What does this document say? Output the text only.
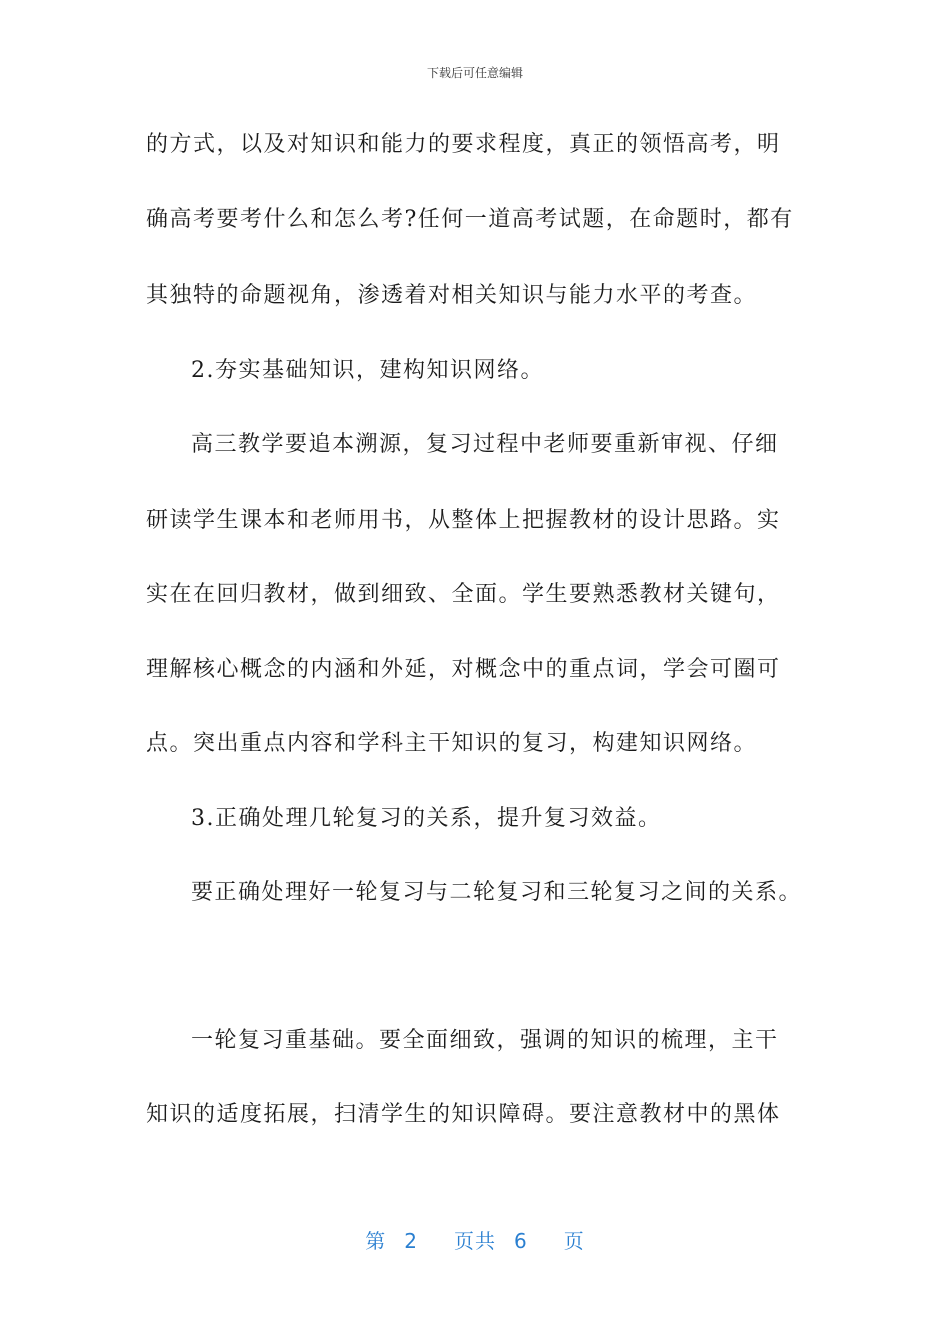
下载后可任意编辑
的方式，以及对知识和能力的要求程度，真正的领悟高考，明
确高考要考什么和怎么考?任何一道高考试题，在命题时，都有
其独特的命题视角，渗透着对相关知识与能力水平的考查。
2.夯实基础知识，建构知识网络。
高三教学要追本溯源，复习过程中老师要重新审视、仔细
研读学生课本和老师用书，从整体上把握教材的设计思路。实
实在在回归教材，做到细致、全面。学生要熟悉教材关键句，
理解核心概念的内涵和外延，对概念中的重点词，学会可圈可
点。突出重点内容和学科主干知识的复习，构建知识网络。
3.正确处理几轮复习的关系，提升复习效益。
要正确处理好一轮复习与二轮复习和三轮复习之间的关系。
一轮复习重基础。要全面细致，强调的知识的梳理，主干
知识的适度拓展，扫清学生的知识障碍。要注意教材中的黑体
第 2 页共 6 页
